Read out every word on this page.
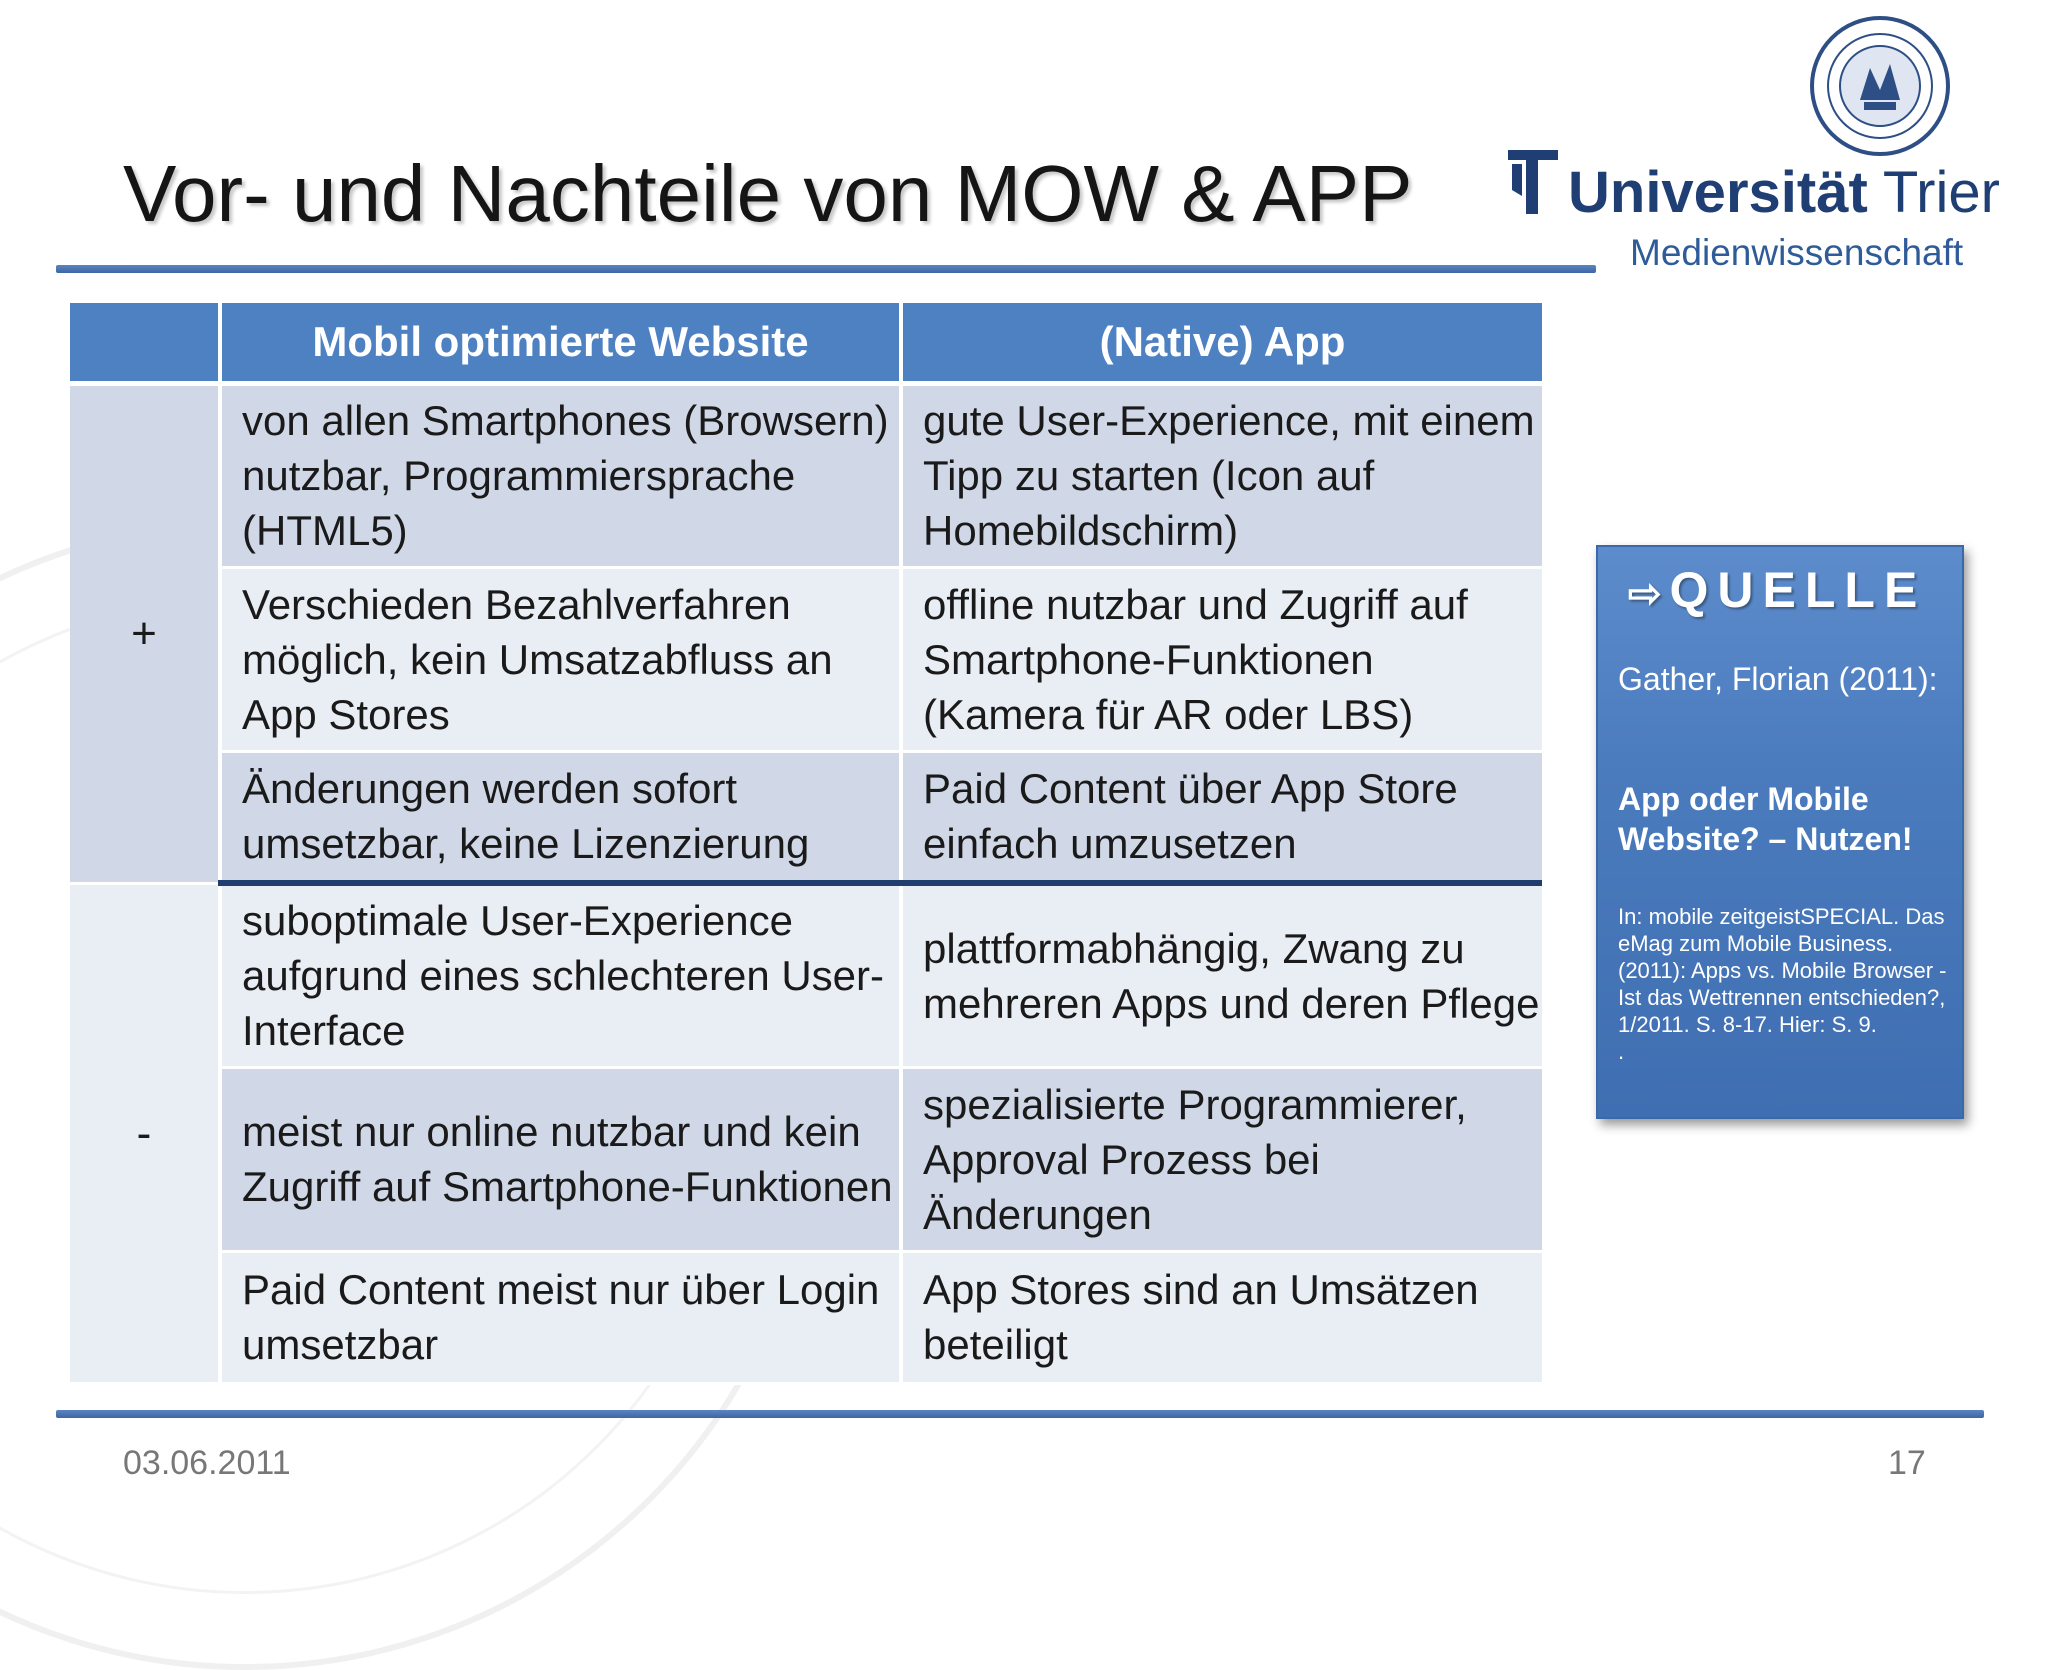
Vor- und Nachteile von MOW & APP	Universität Trier
Medienwissenschaft
	Mobil optimierte Website	(Native) App
+	von allen Smartphones (Browsern) nutzbar, Programmiersprache (HTML5)	gute User-Experience, mit einem Tipp zu starten (Icon auf Homebildschirm)
	Verschieden Bezahlverfahren möglich, kein Umsatzabfluss an App Stores	offline nutzbar und Zugriff auf Smartphone-Funktionen (Kamera für AR oder LBS)
	Änderungen werden sofort umsetzbar, keine Lizenzierung	Paid Content über App Store einfach umzusetzen
-	suboptimale User-Experience aufgrund eines schlechteren User-Interface	plattformabhängig, Zwang zu mehreren Apps und deren Pflege
	meist nur online nutzbar und kein Zugriff auf Smartphone-Funktionen	spezialisierte Programmierer, Approval Prozess bei Änderungen
	Paid Content meist nur über Login umsetzbar	App Stores sind an Umsätzen beteiligt
⇨ QUELLE
Gather, Florian (2011):
App oder Mobile Website? – Nutzen!
In: mobile zeitgeistSPECIAL. Das eMag zum Mobile Business. (2011): Apps vs. Mobile Browser - Ist das Wettrennen entschieden?, 1/2011. S. 8-17. Hier: S. 9.
.
03.06.2011	17
